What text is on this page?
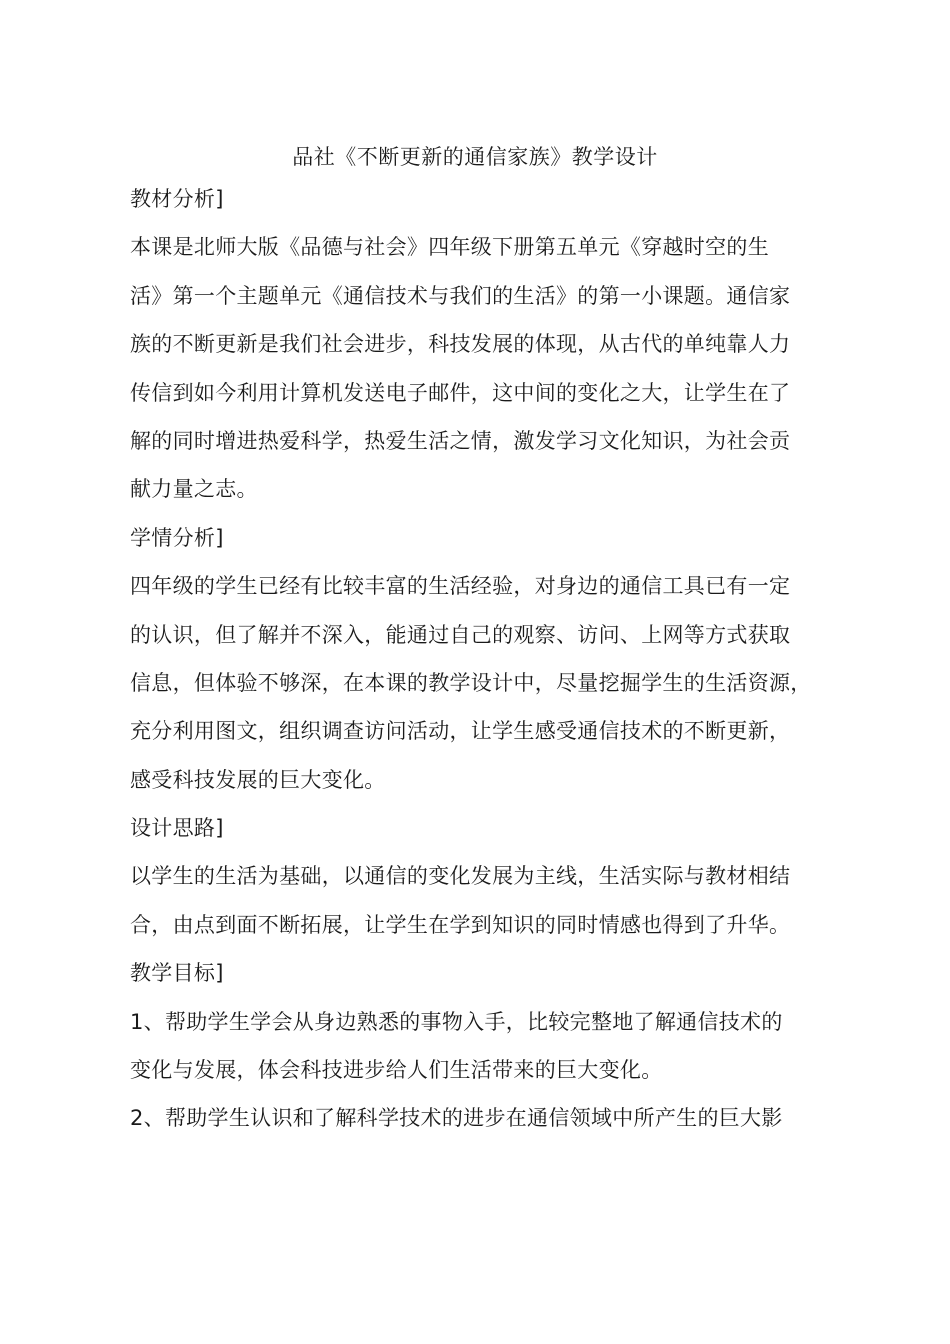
品社《不断更新的通信家族》教学设计
教材分析]
本课是北师大版《品德与社会》四年级下册第五单元《穿越时空的生
活》第一个主题单元《通信技术与我们的生活》的第一小课题。通信家
族的不断更新是我们社会进步，科技发展的体现，从古代的单纯靠人力
传信到如今利用计算机发送电子邮件，这中间的变化之大，让学生在了
解的同时增进热爱科学，热爱生活之情，激发学习文化知识，为社会贡
献力量之志。
学情分析]
四年级的学生已经有比较丰富的生活经验，对身边的通信工具已有一定
的认识，但了解并不深入，能通过自己的观察、访问、上网等方式获取
信息，但体验不够深，在本课的教学设计中，尽量挖掘学生的生活资源，
充分利用图文，组织调查访问活动，让学生感受通信技术的不断更新，
感受科技发展的巨大变化。
设计思路]
以学生的生活为基础，以通信的变化发展为主线，生活实际与教材相结
合，由点到面不断拓展，让学生在学到知识的同时情感也得到了升华。
教学目标]
1、帮助学生学会从身边熟悉的事物入手，比较完整地了解通信技术的
变化与发展，体会科技进步给人们生活带来的巨大变化。
2、帮助学生认识和了解科学技术的进步在通信领域中所产生的巨大影
